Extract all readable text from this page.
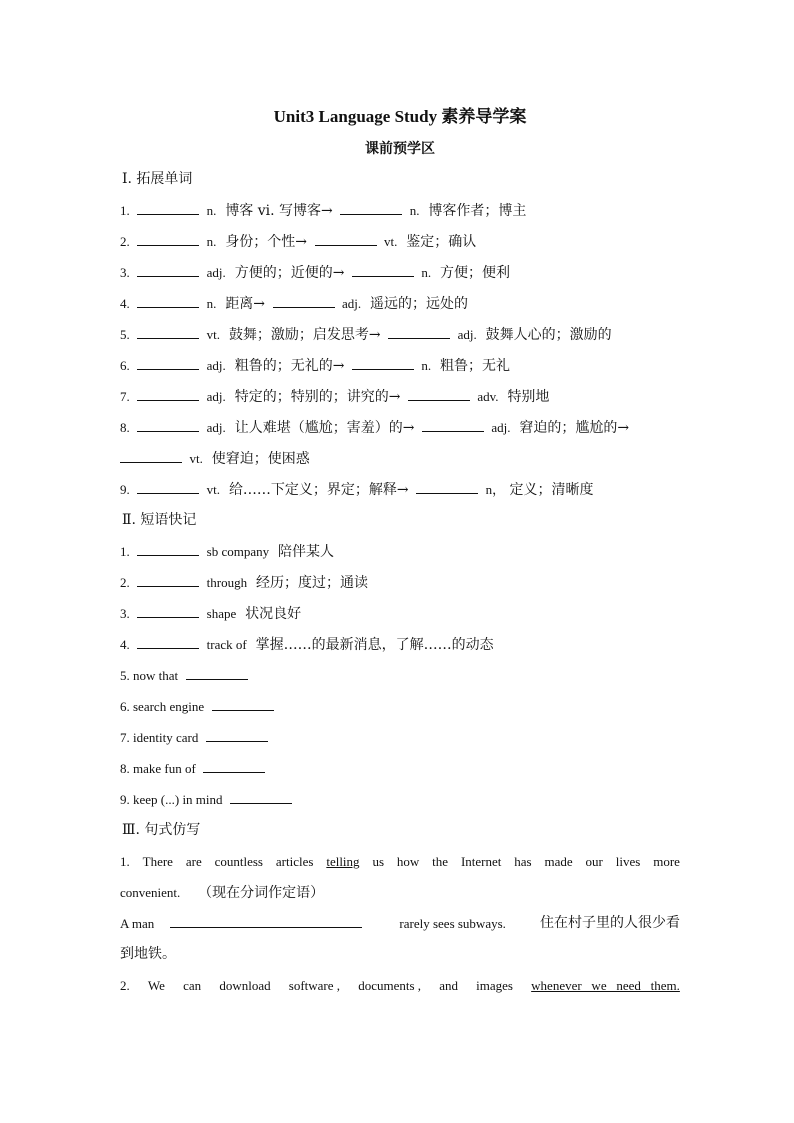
Unit3 Language Study 素养导学案
课前预学区
Ⅰ. 拓展单词
1.	n. 博客 vi. 写博客→	n. 博客作者；博主
2.	n. 身份；个性→	vt. 鉴定；确认
3.	adj. 方便的；近便的→	n. 方便；便利
4.	n. 距离→	adj. 遥远的；远处的
5.	vt. 鼓舞；激励；启发思考→	adj. 鼓舞人心的；激励的
6.	adj. 粗鲁的；无礼的→	n. 粗鲁；无礼
7.	adj. 特定的；特别的；讲究的→	adv. 特别地
8.	adj. 让人难堪（尴尬；害羞）的→	adj. 窘迫的；尴尬的→
vt. 使窘迫；使困惑
9.	vt. 给……下定义；界定；解释→	n， 定义；清晰度
Ⅱ. 短语快记
1.	sb company 陪伴某人
2.	through 经历；度过；通读
3.	shape 状况良好
4.	track of 掌握……的最新消息，了解……的动态
5. now that
6. search engine
7. identity card
8. make fun of
9. keep (...) in mind
Ⅲ. 句式仿写
1. There are countless articles telling us how the Internet has made our lives more
convenient. （现在分词作定语）
A man	rarely sees subways. 住在村子里的人很少看
到地铁。
2. We can download software , documents , and images whenever   we   need   them.
